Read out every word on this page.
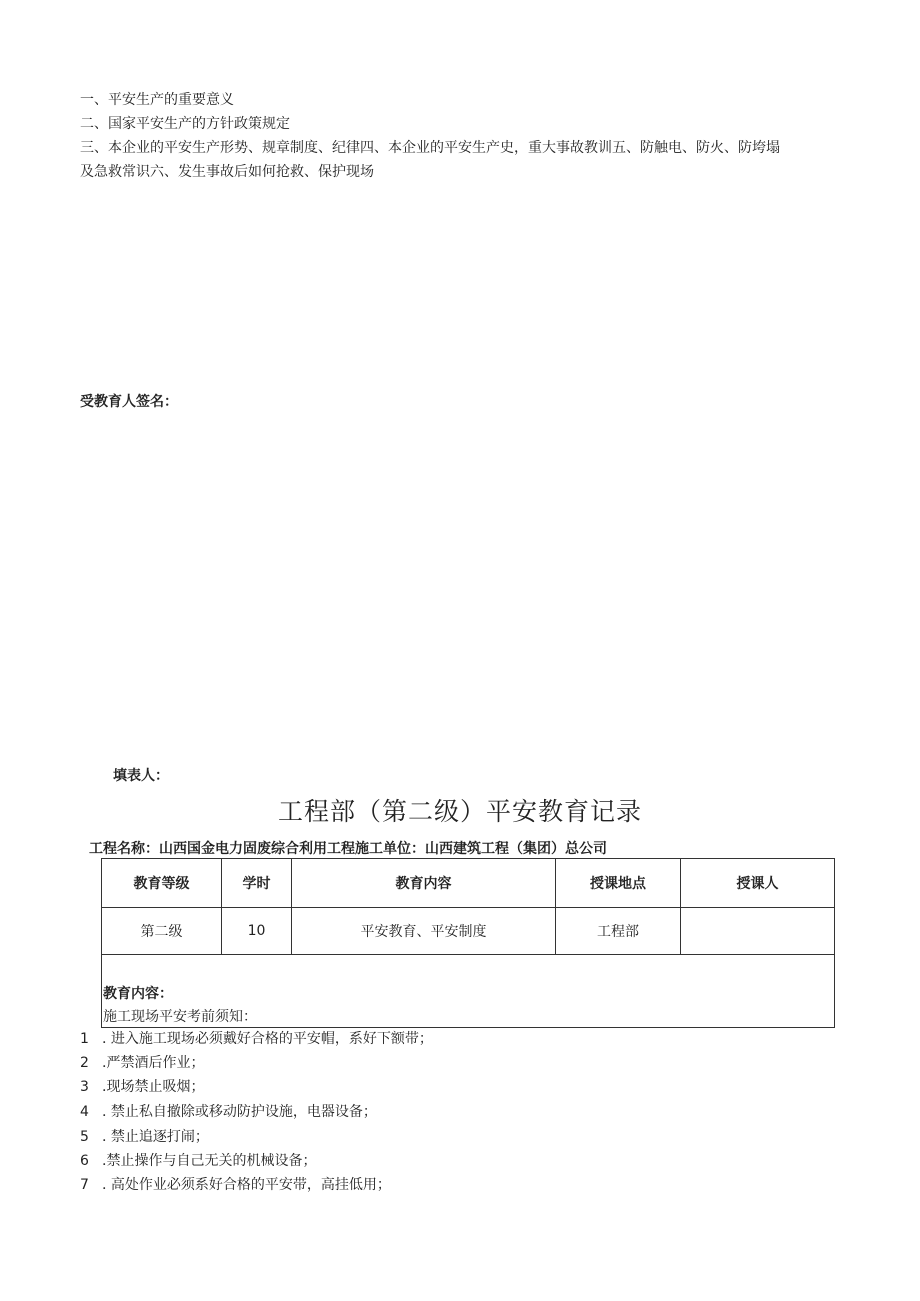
一、平安生产的重要意义
二、国家平安生产的方针政策规定
三、本企业的平安生产形势、规章制度、纪律四、本企业的平安生产史，重大事故教训五、防触电、防火、防垮塌
及急救常识六、发生事故后如何抢救、保护现场
受教育人签名：
填表人：
工程部（第二级）平安教育记录
工程名称：山西国金电力固废综合利用工程施工单位：山西建筑工程（集团）总公司
教育等级	学时	教育内容	授课地点	授课人
第二级	10	平安教育、平安制度	工程部	
教育内容：
施工现场平安考前须知：
1 . 进入施工现场必须戴好合格的平安帽，系好下额带；
2 .严禁酒后作业；
3 .现场禁止吸烟；
4 . 禁止私自撤除或移动防护设施，电器设备；
5 . 禁止追逐打闹；
6 .禁止操作与自己无关的机械设备；
7 . 高处作业必须系好合格的平安带，高挂低用；
